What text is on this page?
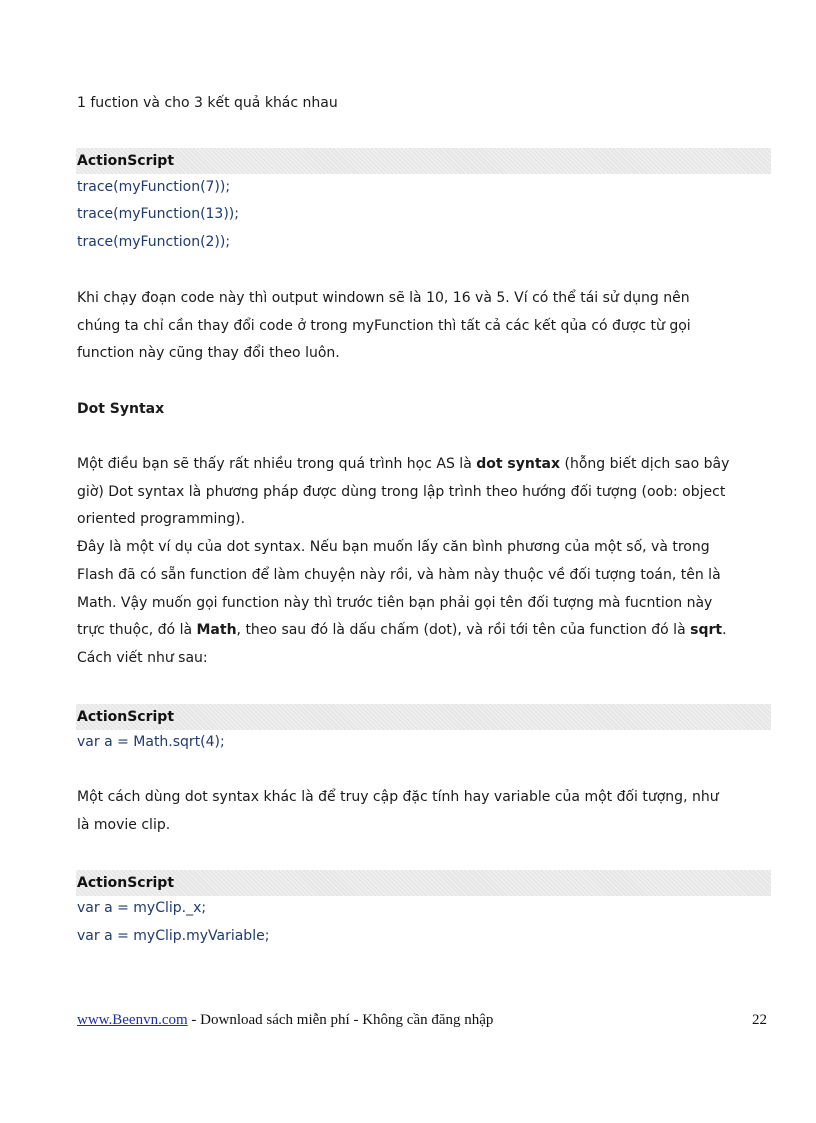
1 fuction và cho 3 kết quả khác nhau
ActionScript
trace(myFunction(7));
trace(myFunction(13));
trace(myFunction(2));
Khi chạy đoạn code này thì output windown sẽ là 10, 16 và 5. Ví có thể tái sử dụng nên
chúng ta chỉ cần thay đổi code ở trong myFunction thì tất cả các kết qủa có được từ gọi
function này cũng thay đổi theo luôn.
Dot Syntax
Một điều bạn sẽ thấy rất nhiều trong quá trình học AS là dot syntax (hỗng biết dịch sao bây
giờ) Dot syntax là phương pháp được dùng trong lập trình theo hướng đối tượng (oob: object
oriented programming).
Đây là một ví dụ của dot syntax. Nếu bạn muốn lấy căn bình phương của một số, và trong
Flash đã có sẵn function để làm chuyện này rồi, và hàm này thuộc về đối tượng toán, tên là
Math. Vậy muốn gọi function này thì trước tiên bạn phải gọi tên đối tượng mà fucntion này
trực thuộc, đó là Math, theo sau đó là dấu chấm (dot), và rồi tới tên của function đó là sqrt.
Cách viết như sau:
ActionScript
var a = Math.sqrt(4);
Một cách dùng dot syntax khác là để truy cập đặc tính hay variable của một đối tượng, như
là movie clip.
ActionScript
var a = myClip._x;
var a = myClip.myVariable;
www.Beenvn.com - Download sách miễn phí - Không cần đăng nhập	22
